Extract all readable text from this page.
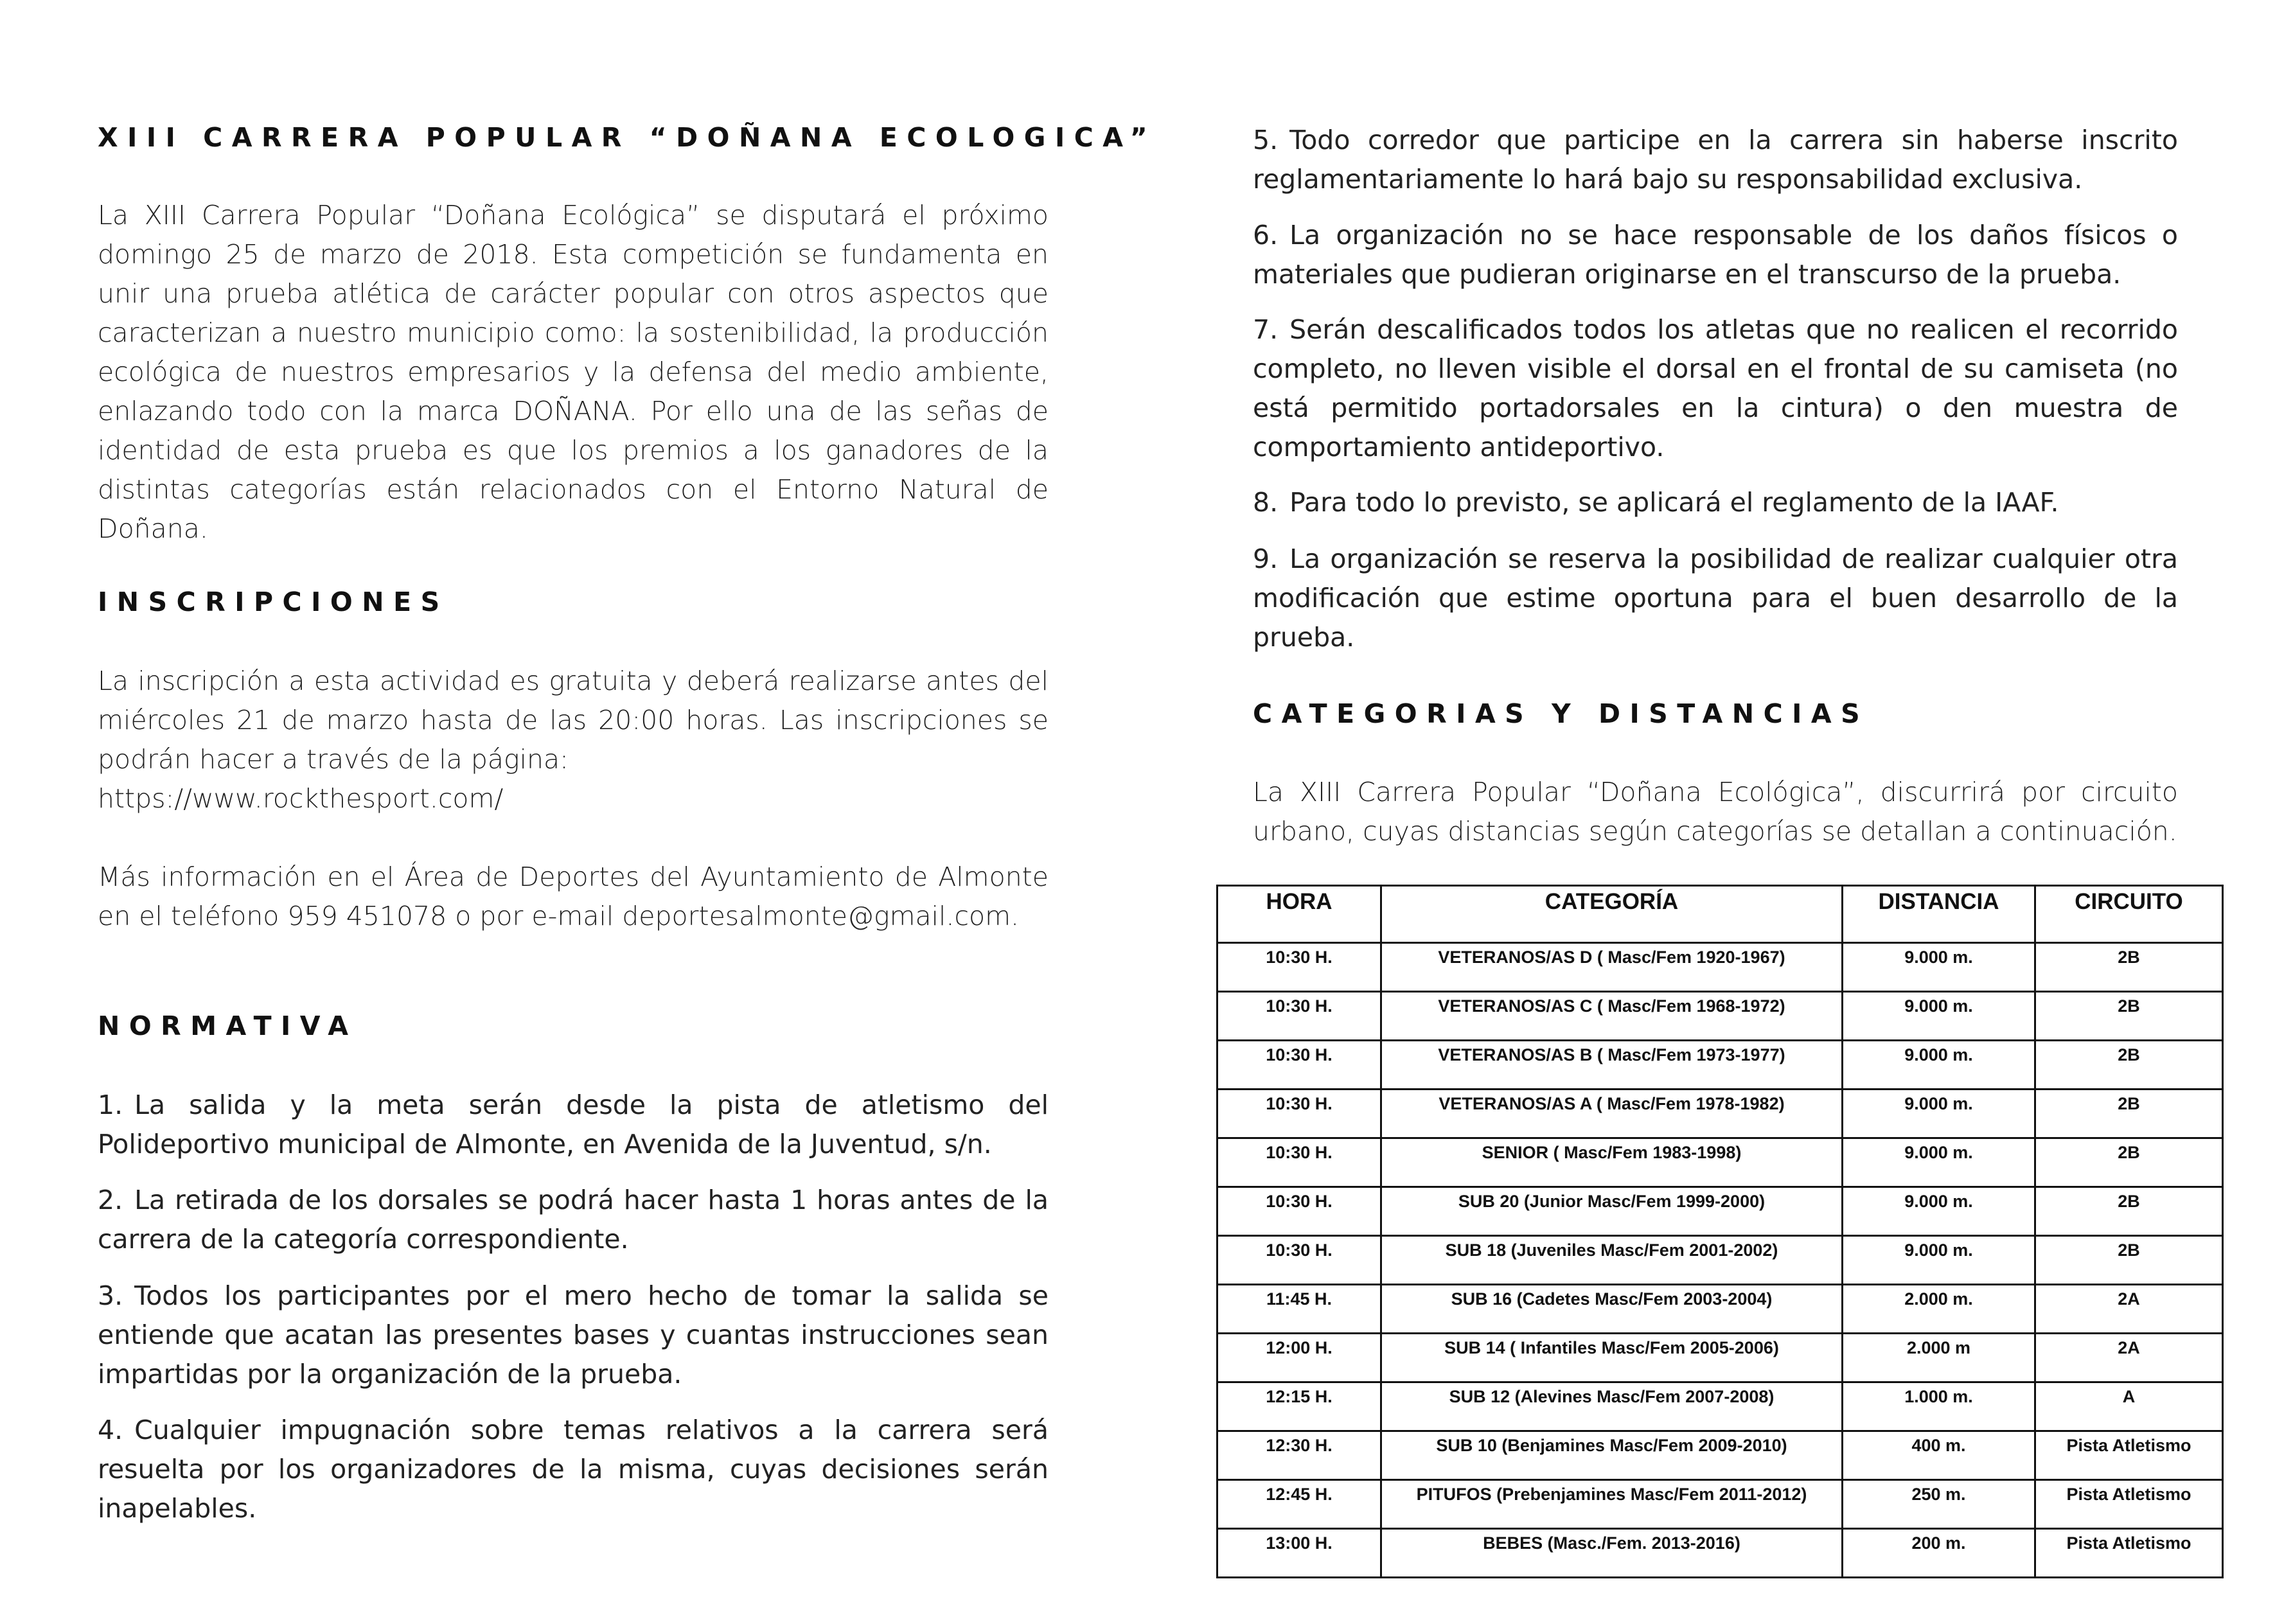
XIII CARRERA POPULAR “DOÑANA ECOLOGICA”

La XIII Carrera Popular “Doñana Ecológica” se disputará el próximo domingo 25 de marzo de 2018. Esta competición se fundamenta en unir una prueba atlética de carácter popular con otros aspectos que caracterizan a nuestro municipio como: la sostenibilidad, la producción ecológica de nuestros empresarios y la defensa del medio ambiente, enlazando todo con la marca DOÑANA. Por ello una de las señas de identidad de esta prueba es que los premios a los ganadores de la distintas categorías están relacionados con el Entorno Natural de Doñana.

INSCRIPCIONES

La inscripción a esta actividad es gratuita y deberá realizarse antes del miércoles 21 de marzo hasta de las 20:00 horas. Las inscripciones se podrán hacer a través de la página:

https://www.rockthesport.com/

Más información en el Área de Deportes del Ayuntamiento de Almonte en el teléfono 959 451078 o por e-mail deportesalmonte@gmail.com.

NORMATIVA

1. La salida y la meta serán desde la pista de atletismo del Polideportivo municipal de Almonte, en Avenida de la Juventud, s/n.

2. La retirada de los dorsales se podrá hacer hasta 1 horas antes de la carrera de la categoría correspondiente.

3. Todos los participantes por el mero hecho de tomar la salida se entiende que acatan las presentes bases y cuantas instrucciones sean impartidas por la organización de la prueba.

4. Cualquier impugnación sobre temas relativos a la carrera será resuelta por los organizadores de la misma, cuyas decisiones serán inapelables.

5. Todo corredor que participe en la carrera sin haberse inscrito reglamentariamente lo hará bajo su responsabilidad exclusiva.

6. La organización no se hace responsable de los daños físicos o materiales que pudieran originarse en el transcurso de la prueba.

7. Serán descalificados todos los atletas que no realicen el recorrido completo, no lleven visible el dorsal en el frontal de su camiseta (no está permitido portadorsales en la cintura) o den muestra de comportamiento antideportivo.

8. Para todo lo previsto, se aplicará el reglamento de la IAAF.

9. La organización se reserva la posibilidad de realizar cualquier otra modificación que estime oportuna para el buen desarrollo de la prueba.

CATEGORIAS Y DISTANCIAS

La XIII Carrera Popular “Doñana Ecológica”, discurrirá por circuito urbano, cuyas distancias según categorías se detallan a continuación.

HORA	CATEGORÍA	DISTANCIA	CIRCUITO
10:30 H.	VETERANOS/AS D ( Masc/Fem 1920-1967)	9.000 m.	2B
10:30 H.	VETERANOS/AS C ( Masc/Fem 1968-1972)	9.000 m.	2B
10:30 H.	VETERANOS/AS B ( Masc/Fem 1973-1977)	9.000 m.	2B
10:30 H.	VETERANOS/AS A ( Masc/Fem 1978-1982)	9.000 m.	2B
10:30 H.	SENIOR ( Masc/Fem 1983-1998)	9.000 m.	2B
10:30 H.	SUB 20 (Junior Masc/Fem 1999-2000)	9.000 m.	2B
10:30 H.	SUB 18 (Juveniles Masc/Fem 2001-2002)	9.000 m.	2B
11:45 H.	SUB 16 (Cadetes Masc/Fem 2003-2004)	2.000 m.	2A
12:00 H.	SUB 14 ( Infantiles Masc/Fem 2005-2006)	2.000 m	2A
12:15 H.	SUB 12 (Alevines Masc/Fem 2007-2008)	1.000 m.	A
12:30 H.	SUB 10 (Benjamines Masc/Fem 2009-2010)	400 m.	Pista Atletismo
12:45 H.	PITUFOS (Prebenjamines Masc/Fem 2011-2012)	250 m.	Pista Atletismo
13:00 H.	BEBES (Masc./Fem. 2013-2016)	200 m.	Pista Atletismo
